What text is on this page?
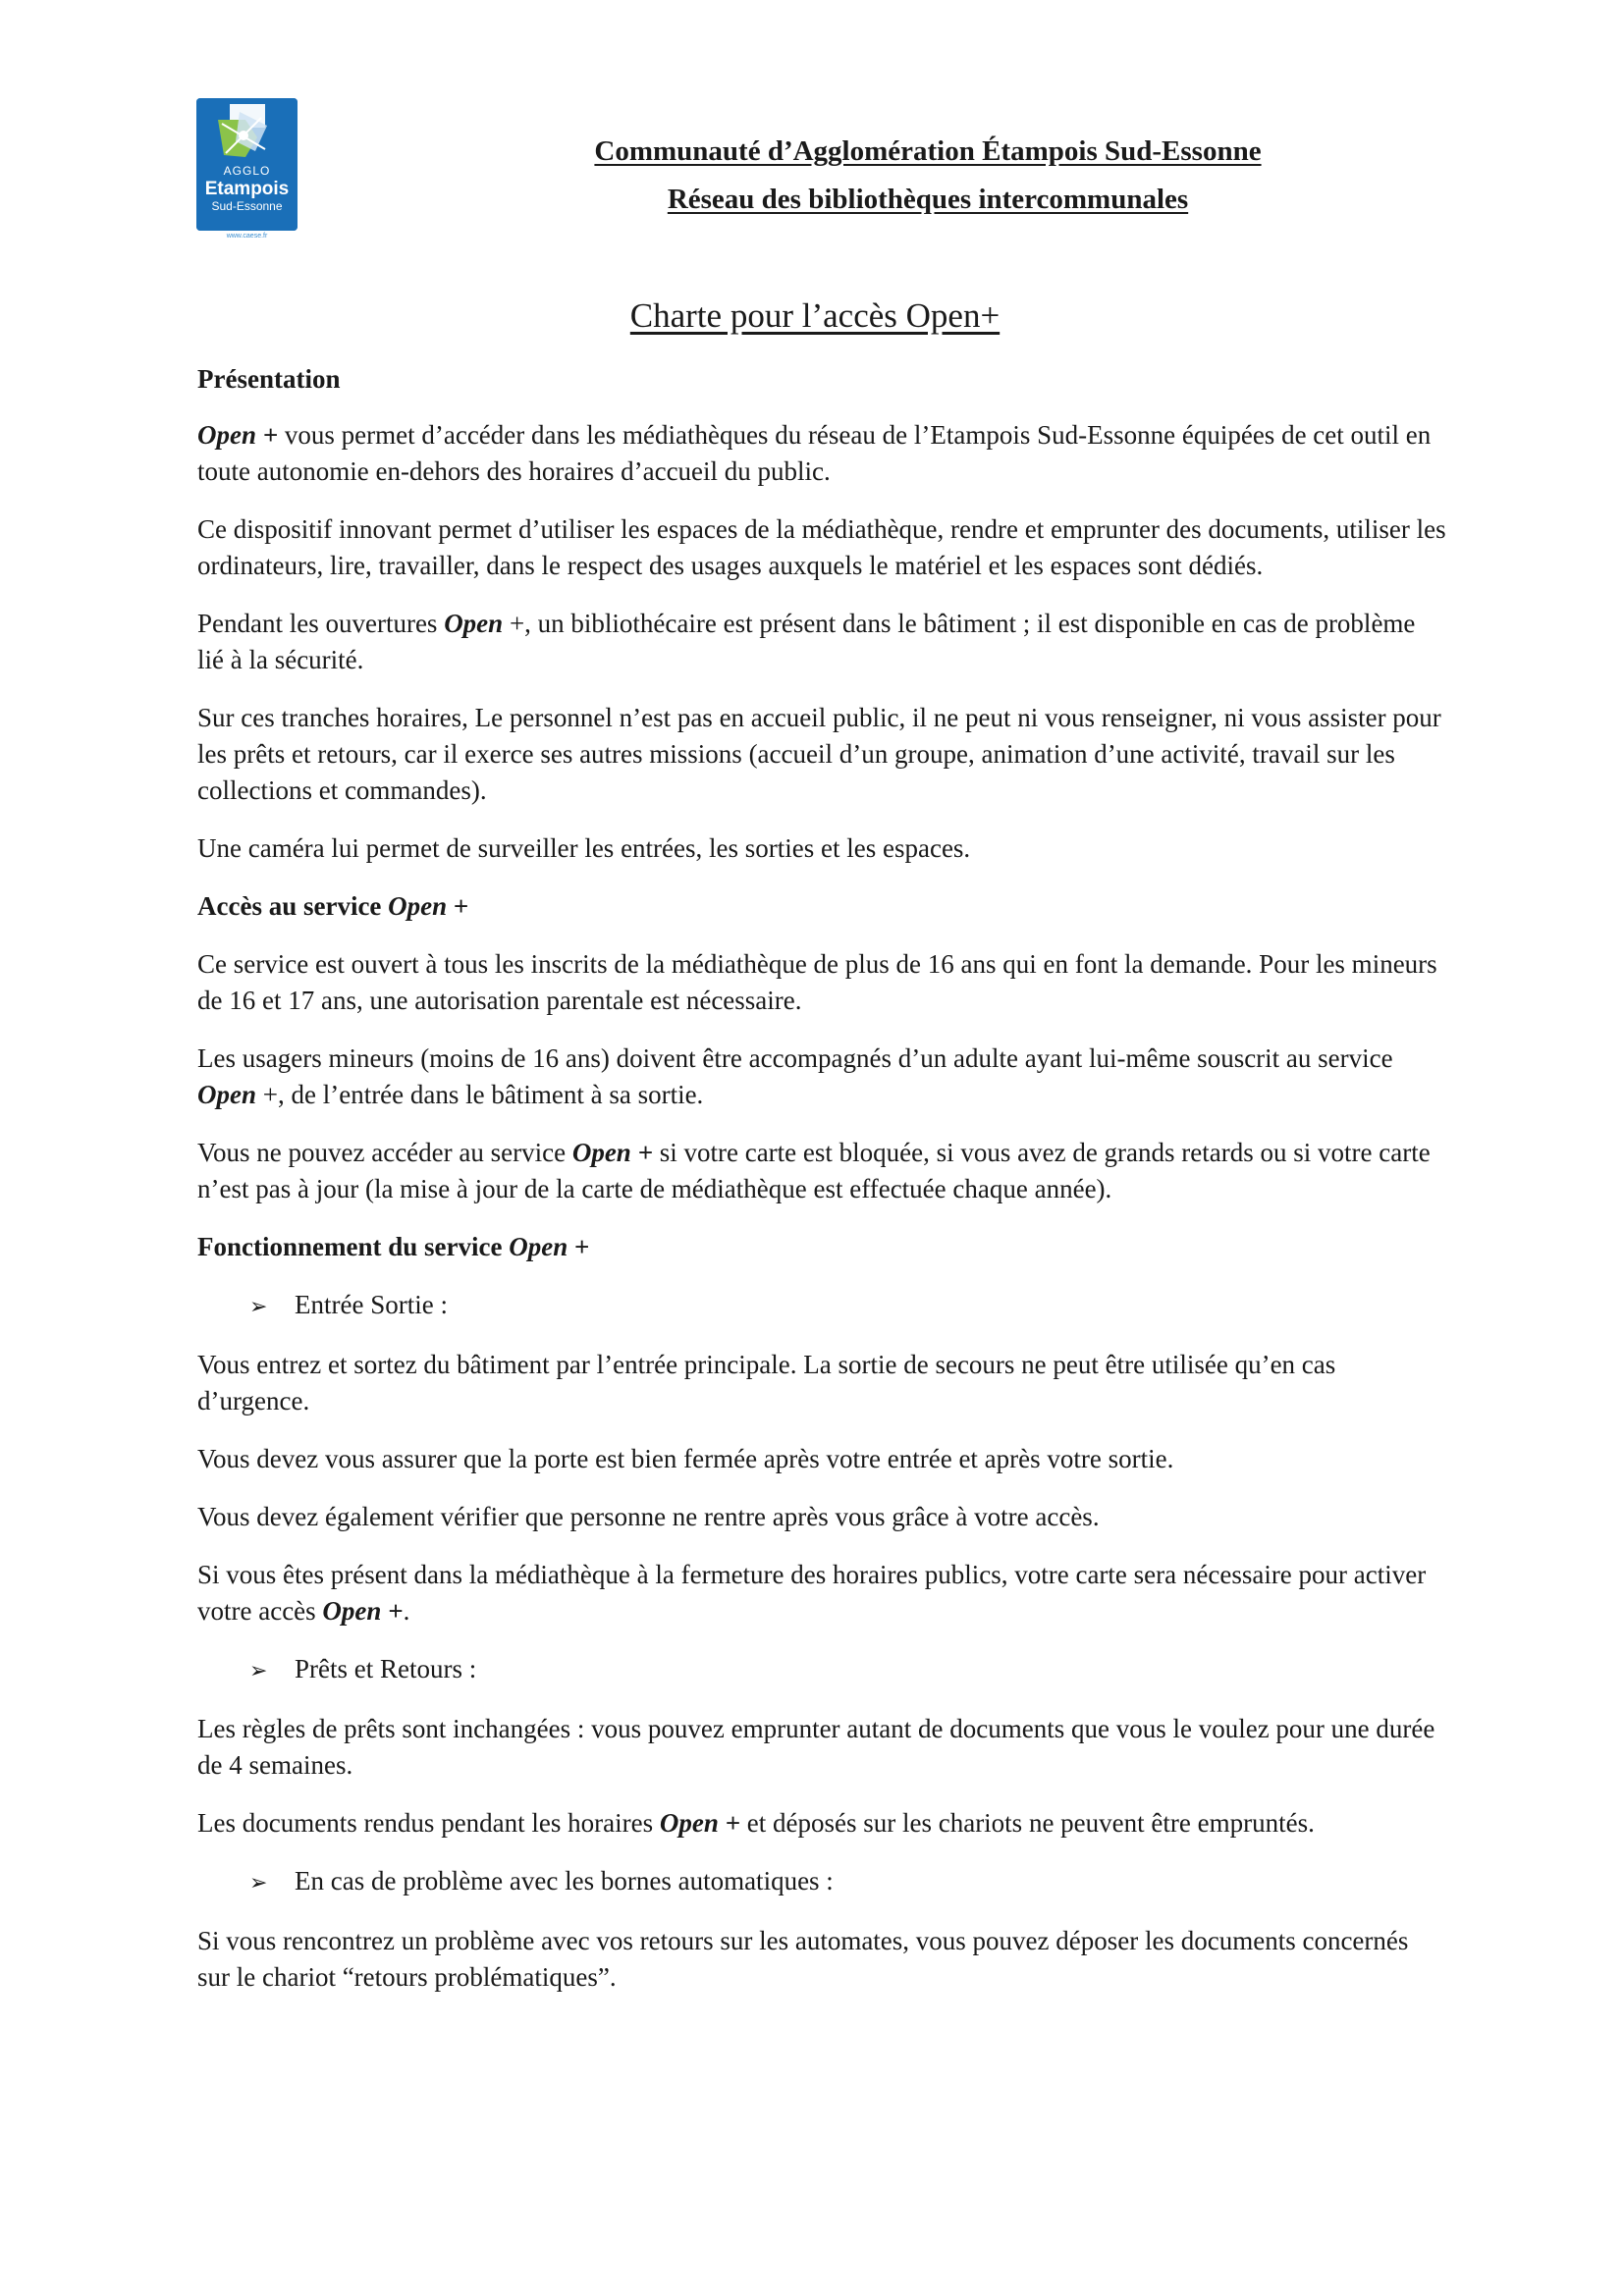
AGGLO
Etampois
Sud-Essonne
www.caese.fr
Communauté d’Agglomération Étampois Sud-Essonne
Réseau des bibliothèques intercommunales
Charte pour l’accès Open+

Présentation

Open + vous permet d’accéder dans les médiathèques du réseau de l’Etampois Sud-Essonne équipées de cet outil en toute autonomie en-dehors des horaires d’accueil du public.

Ce dispositif innovant permet d’utiliser les espaces de la médiathèque, rendre et emprunter des documents, utiliser les ordinateurs, lire, travailler, dans le respect des usages auxquels le matériel et les espaces sont dédiés.

Pendant les ouvertures Open +, un bibliothécaire est présent dans le bâtiment ; il est disponible en cas de problème lié à la sécurité.

Sur ces tranches horaires, Le personnel n’est pas en accueil public, il ne peut ni vous renseigner, ni vous assister pour les prêts et retours, car il exerce ses autres missions (accueil d’un groupe, animation d’une activité, travail sur les collections et commandes).

Une caméra lui permet de surveiller les entrées, les sorties et les espaces.

Accès au service Open +

Ce service est ouvert à tous les inscrits de la médiathèque de plus de 16 ans qui en font la demande. Pour les mineurs de 16 et 17 ans, une autorisation parentale est nécessaire.

Les usagers mineurs (moins de 16 ans) doivent être accompagnés d’un adulte ayant lui-même souscrit au service Open +, de l’entrée dans le bâtiment à sa sortie.

Vous ne pouvez accéder au service Open + si votre carte est bloquée, si vous avez de grands retards ou si votre carte n’est pas à jour (la mise à jour de la carte de médiathèque est effectuée chaque année).

Fonctionnement du service Open +

➢	Entrée Sortie :

Vous entrez et sortez du bâtiment par l’entrée principale. La sortie de secours ne peut être utilisée qu’en cas d’urgence.

Vous devez vous assurer que la porte est bien fermée après votre entrée et après votre sortie.

Vous devez également vérifier que personne ne rentre après vous grâce à votre accès.

Si vous êtes présent dans la médiathèque à la fermeture des horaires publics, votre carte sera nécessaire pour activer votre accès Open +.

➢	Prêts et Retours :

Les règles de prêts sont inchangées : vous pouvez emprunter autant de documents que vous le voulez pour une durée de 4 semaines.

Les documents rendus pendant les horaires Open + et déposés sur les chariots ne peuvent être empruntés.

➢	En cas de problème avec les bornes automatiques :

Si vous rencontrez un problème avec vos retours sur les automates, vous pouvez déposer les documents concernés sur le chariot “retours problématiques”.
